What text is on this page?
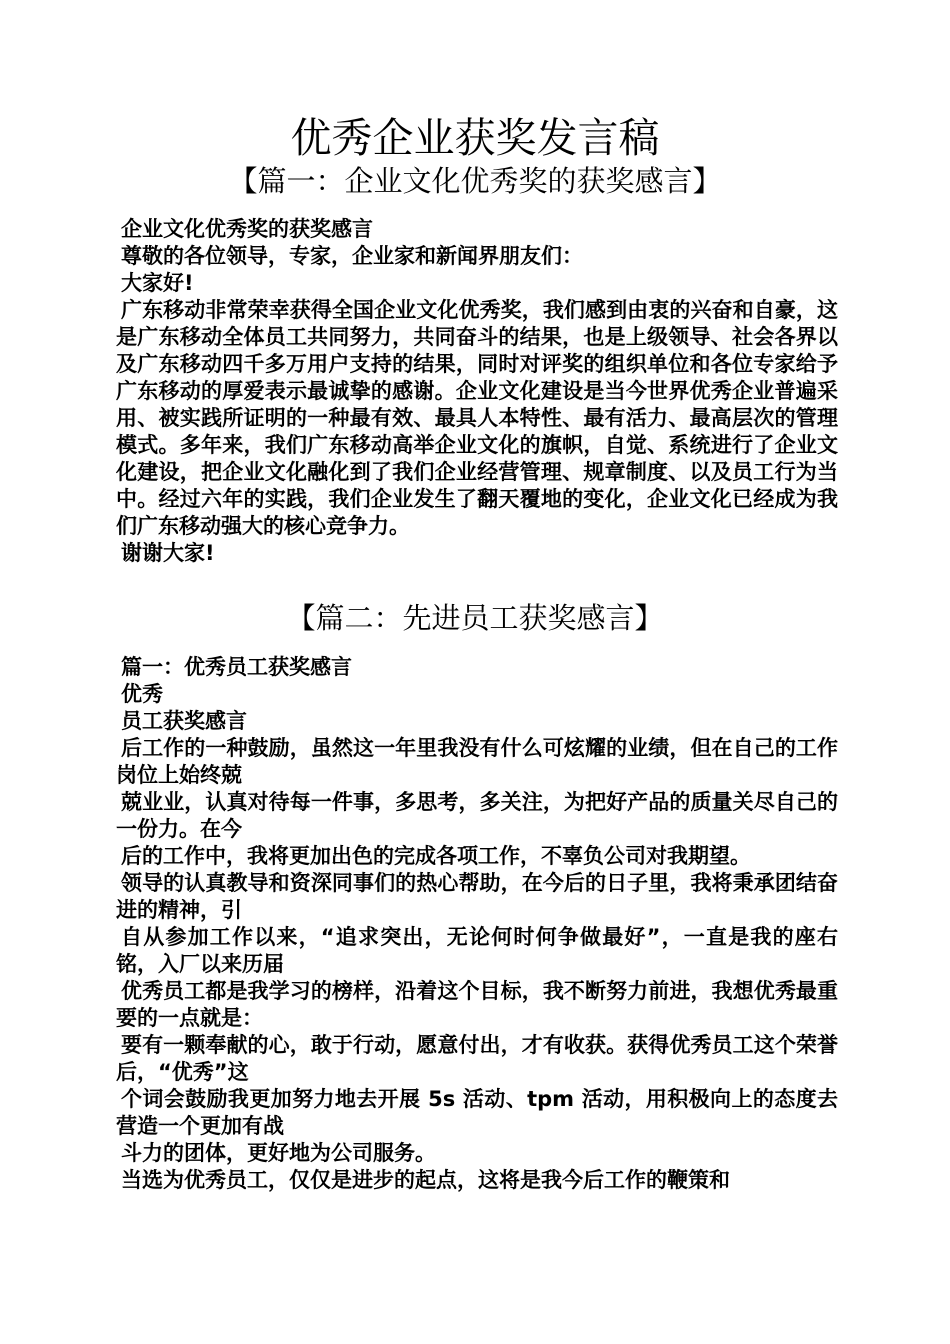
优秀企业获奖发言稿
【篇一：企业文化优秀奖的获奖感言】

企业文化优秀奖的获奖感言

尊敬的各位领导，专家，企业家和新闻界朋友们：

大家好!

广东移动非常荣幸获得全国企业文化优秀奖，我们感到由衷的兴奋和自豪，这是广东移动全体员工共同努力，共同奋斗的结果，也是上级领导、社会各界以及广东移动四千多万用户支持的结果，同时对评奖的组织单位和各位专家给予广东移动的厚爱表示最诚挚的感谢。企业文化建设是当今世界优秀企业普遍采用、被实践所证明的一种最有效、最具人本特性、最有活力、最高层次的管理模式。多年来，我们广东移动高举企业文化的旗帜，自觉、系统进行了企业文化建设，把企业文化融化到了我们企业经营管理、规章制度、以及员工行为当中。经过六年的实践，我们企业发生了翻天覆地的变化，企业文化已经成为我们广东移动强大的核心竞争力。

谢谢大家!

【篇二：先进员工获奖感言】

篇一：优秀员工获奖感言

优秀

员工获奖感言

后工作的一种鼓励，虽然这一年里我没有什么可炫耀的业绩，但在自己的工作岗位上始终兢

兢业业，认真对待每一件事，多思考，多关注，为把好产品的质量关尽自己的一份力。在今

后的工作中，我将更加出色的完成各项工作，不辜负公司对我期望。

领导的认真教导和资深同事们的热心帮助，在今后的日子里，我将秉承团结奋进的精神，引

自从参加工作以来，“追求突出，无论何时何争做最好”，一直是我的座右铭，入厂以来历届

优秀员工都是我学习的榜样，沿着这个目标，我不断努力前进，我想优秀最重要的一点就是：

要有一颗奉献的心，敢于行动，愿意付出，才有收获。获得优秀员工这个荣誉后，“优秀”这

个词会鼓励我更加努力地去开展 5s 活动、tpm 活动，用积极向上的态度去营造一个更加有战

斗力的团体，更好地为公司服务。

当选为优秀员工，仅仅是进步的起点，这将是我今后工作的鞭策和
